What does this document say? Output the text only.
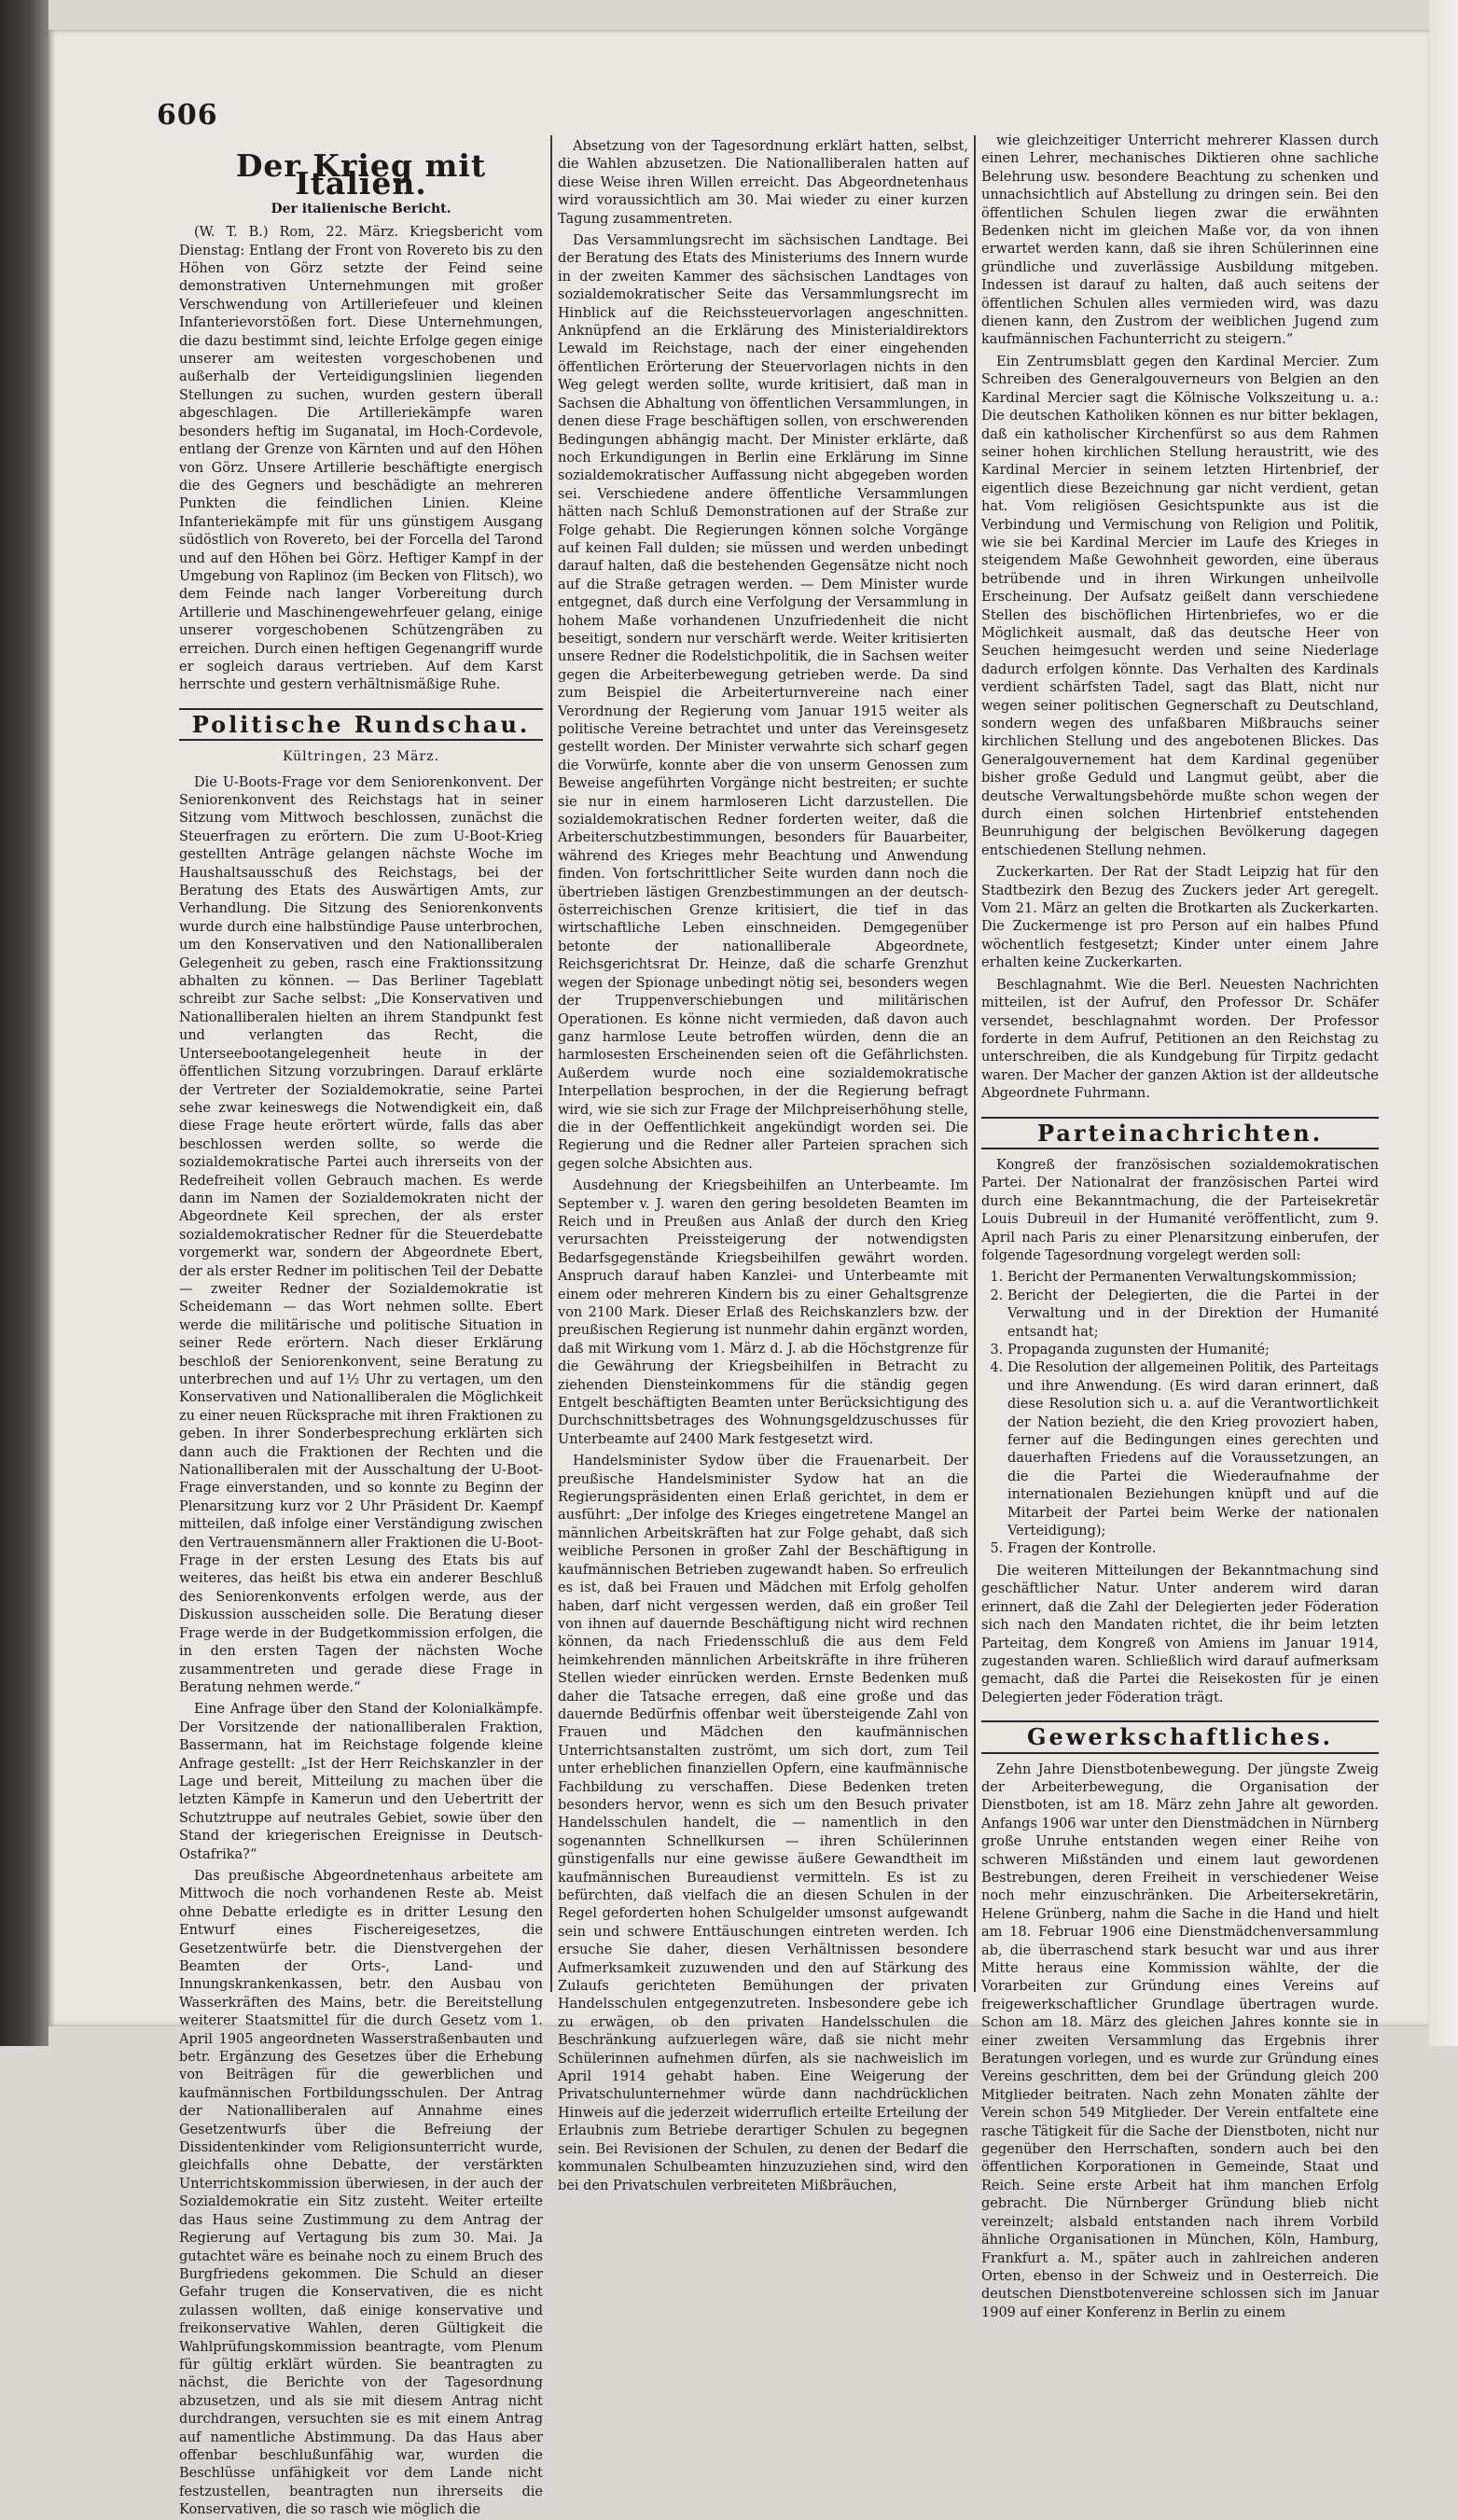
606
Der Krieg mit Italien.
Der italienische Bericht.

(W. T. B.) Rom, 22. März. Kriegsbericht vom Dienstag: Entlang der Front von Rovereto bis zu den Höhen von Görz setzte der Feind seine demonstrativen Unternehmungen mit großer Verschwendung von Artilleriefeuer und kleinen Infanterievorstößen fort. Diese Unternehmungen, die dazu bestimmt sind, leichte Erfolge gegen einige unserer am weitesten vorgeschobenen und außerhalb der Verteidigungslinien liegenden Stellungen zu suchen, wurden gestern überall abgeschlagen. Die Artilleriekämpfe waren besonders heftig im Suganatal, im Hoch-Cordevole, entlang der Grenze von Kärnten und auf den Höhen von Görz. Unsere Artillerie beschäftigte energisch die des Gegners und beschädigte an mehreren Punkten die feindlichen Linien. Kleine Infanteriekämpfe mit für uns günstigem Ausgang südöstlich von Rovereto, bei der Forcella del Tarond und auf den Höhen bei Görz. Heftiger Kampf in der Umgebung von Raplinoz (im Becken von Flitsch), wo dem Feinde nach langer Vorbereitung durch Artillerie und Maschinengewehrfeuer gelang, einige unserer vorgeschobenen Schützengräben zu erreichen. Durch einen heftigen Gegenangriff wurde er sogleich daraus vertrieben. Auf dem Karst herrschte und gestern verhältnismäßige Ruhe.

Politische Rundschau.
Kültringen, 23 März.

Die U-Boots-Frage vor dem Seniorenkonvent. Der Seniorenkonvent des Reichstags hat in seiner Sitzung vom Mittwoch beschlossen, zunächst die Steuerfragen zu erörtern. Die zum U-Boot-Krieg gestellten Anträge gelangen nächste Woche im Haushaltsausschuß des Reichstags, bei der Beratung des Etats des Auswärtigen Amts, zur Verhandlung. Die Sitzung des Seniorenkonvents wurde durch eine halbstündige Pause unterbrochen, um den Konservativen und den Nationalliberalen Gelegenheit zu geben, rasch eine Fraktionssitzung abhalten zu können. — Das Berliner Tageblatt schreibt zur Sache selbst: „Die Konservativen und Nationalliberalen hielten an ihrem Standpunkt fest und verlangten das Recht, die Unterseebootangelegenheit heute in der öffentlichen Sitzung vorzubringen. Darauf erklärte der Vertreter der Sozialdemokratie, seine Partei sehe zwar keineswegs die Notwendigkeit ein, daß diese Frage heute erörtert würde, falls das aber beschlossen werden sollte, so werde die sozialdemokratische Partei auch ihrerseits von der Redefreiheit vollen Gebrauch machen. Es werde dann im Namen der Sozialdemokraten nicht der Abgeordnete Keil sprechen, der als erster sozialdemokratischer Redner für die Steuerdebatte vorgemerkt war, sondern der Abgeordnete Ebert, der als erster Redner im politischen Teil der Debatte — zweiter Redner der Sozialdemokratie ist Scheidemann — das Wort nehmen sollte. Ebert werde die militärische und politische Situation in seiner Rede erörtern. Nach dieser Erklärung beschloß der Seniorenkonvent, seine Beratung zu unterbrechen und auf 1½ Uhr zu vertagen, um den Konservativen und Nationalliberalen die Möglichkeit zu einer neuen Rücksprache mit ihren Fraktionen zu geben. In ihrer Sonderbesprechung erklärten sich dann auch die Fraktionen der Rechten und die Nationalliberalen mit der Ausschaltung der U-Boot-Frage einverstanden, und so konnte zu Beginn der Plenarsitzung kurz vor 2 Uhr Präsident Dr. Kaempf mitteilen, daß infolge einer Verständigung zwischen den Vertrauensmännern aller Fraktionen die U-Boot-Frage in der ersten Lesung des Etats bis auf weiteres, das heißt bis etwa ein anderer Beschluß des Seniorenkonvents erfolgen werde, aus der Diskussion ausscheiden solle. Die Beratung dieser Frage werde in der Budgetkommission erfolgen, die in den ersten Tagen der nächsten Woche zusammentreten und gerade diese Frage in Beratung nehmen werde.“

Eine Anfrage über den Stand der Kolonialkämpfe. Der Vorsitzende der nationalliberalen Fraktion, Bassermann, hat im Reichstage folgende kleine Anfrage gestellt: „Ist der Herr Reichskanzler in der Lage und bereit, Mitteilung zu machen über die letzten Kämpfe in Kamerun und den Uebertritt der Schutztruppe auf neutrales Gebiet, sowie über den Stand der kriegerischen Ereignisse in Deutsch-Ostafrika?“

Das preußische Abgeordnetenhaus arbeitete am Mittwoch die noch vorhandenen Reste ab. Meist ohne Debatte erledigte es in dritter Lesung den Entwurf eines Fischereigesetzes, die Gesetzentwürfe betr. die Dienstvergehen der Beamten der Orts-, Land- und Innungskrankenkassen, betr. den Ausbau von Wasserkräften des Mains, betr. die Bereitstellung weiterer Staatsmittel für die durch Gesetz vom 1. April 1905 angeordneten Wasserstraßenbauten und betr. Ergänzung des Gesetzes über die Erhebung von Beiträgen für die gewerblichen und kaufmännischen Fortbildungsschulen. Der Antrag der Nationalliberalen auf Annahme eines Gesetzentwurfs über die Befreiung der Dissidentenkinder vom Religionsunterricht wurde, gleichfalls ohne Debatte, der verstärkten Unterrichtskommission überwiesen, in der auch der Sozialdemokratie ein Sitz zusteht. Weiter erteilte das Haus seine Zustimmung zu dem Antrag der Regierung auf Vertagung bis zum 30. Mai. Ja gutachtet wäre es beinahe noch zu einem Bruch des Burgfriedens gekommen. Die Schuld an dieser Gefahr trugen die Konservativen, die es nicht zulassen wollten, daß einige konservative und freikonservative Wahlen, deren Gültigkeit die Wahlprüfungskommission beantragte, vom Plenum für gültig erklärt würden. Sie beantragten zu nächst, die Berichte von der Tagesordnung abzusetzen, und als sie mit diesem Antrag nicht durchdrangen, versuchten sie es mit einem Antrag auf namentliche Abstimmung. Da das Haus aber offenbar beschlußunfähig war, wurden die Beschlüsse unfähigkeit vor dem Lande nicht festzustellen, beantragten nun ihrerseits die Konservativen, die so rasch wie möglich die

Absetzung von der Tagesordnung erklärt hatten, selbst, die Wahlen abzusetzen. Die Nationalliberalen hatten auf diese Weise ihren Willen erreicht. Das Abgeordnetenhaus wird voraussichtlich am 30. Mai wieder zu einer kurzen Tagung zusammentreten.

Das Versammlungsrecht im sächsischen Landtage. Bei der Beratung des Etats des Ministeriums des Innern wurde in der zweiten Kammer des sächsischen Landtages von sozialdemokratischer Seite das Versammlungsrecht im Hinblick auf die Reichssteuervorlagen angeschnitten. Anknüpfend an die Erklärung des Ministerialdirektors Lewald im Reichstage, nach der einer eingehenden öffentlichen Erörterung der Steuervorlagen nichts in den Weg gelegt werden sollte, wurde kritisiert, daß man in Sachsen die Abhaltung von öffentlichen Versammlungen, in denen diese Frage beschäftigen sollen, von erschwerenden Bedingungen abhängig macht. Der Minister erklärte, daß noch Erkundigungen in Berlin eine Erklärung im Sinne sozialdemokratischer Auffassung nicht abgegeben worden sei. Verschiedene andere öffentliche Versammlungen hätten nach Schluß Demonstrationen auf der Straße zur Folge gehabt. Die Regierungen können solche Vorgänge auf keinen Fall dulden; sie müssen und werden unbedingt darauf halten, daß die bestehenden Gegensätze nicht noch auf die Straße getragen werden. — Dem Minister wurde entgegnet, daß durch eine Verfolgung der Versammlung in hohem Maße vorhandenen Unzufriedenheit die nicht beseitigt, sondern nur verschärft werde. Weiter kritisierten unsere Redner die Rodelstichpolitik, die in Sachsen weiter gegen die Arbeiterbewegung getrieben werde. Da sind zum Beispiel die Arbeiterturnvereine nach einer Verordnung der Regierung vom Januar 1915 weiter als politische Vereine betrachtet und unter das Vereinsgesetz gestellt worden. Der Minister verwahrte sich scharf gegen die Vorwürfe, konnte aber die von unserm Genossen zum Beweise angeführten Vorgänge nicht bestreiten; er suchte sie nur in einem harmloseren Licht darzustellen. Die sozialdemokratischen Redner forderten weiter, daß die Arbeiterschutzbestimmungen, besonders für Bauarbeiter, während des Krieges mehr Beachtung und Anwendung finden. Von fortschrittlicher Seite wurden dann noch die übertrieben lästigen Grenzbestimmungen an der deutsch-österreichischen Grenze kritisiert, die tief in das wirtschaftliche Leben einschneiden. Demgegenüber betonte der nationalliberale Abgeordnete, Reichsgerichtsrat Dr. Heinze, daß die scharfe Grenzhut wegen der Spionage unbedingt nötig sei, besonders wegen der Truppenverschiebungen und militärischen Operationen. Es könne nicht vermieden, daß davon auch ganz harmlose Leute betroffen würden, denn die an harmlosesten Erscheinenden seien oft die Gefährlichsten. Außerdem wurde noch eine sozialdemokratische Interpellation besprochen, in der die Regierung befragt wird, wie sie sich zur Frage der Milchpreiserhöhung stelle, die in der Oeffentlichkeit angekündigt worden sei. Die Regierung und die Redner aller Parteien sprachen sich gegen solche Absichten aus.

Ausdehnung der Kriegsbeihilfen an Unterbeamte. Im September v. J. waren den gering besoldeten Beamten im Reich und in Preußen aus Anlaß der durch den Krieg verursachten Preissteigerung der notwendigsten Bedarfsgegenstände Kriegsbeihilfen gewährt worden. Anspruch darauf haben Kanzlei- und Unterbeamte mit einem oder mehreren Kindern bis zu einer Gehaltsgrenze von 2100 Mark. Dieser Erlaß des Reichskanzlers bzw. der preußischen Regierung ist nunmehr dahin ergänzt worden, daß mit Wirkung vom 1. März d. J. ab die Höchstgrenze für die Gewährung der Kriegsbeihilfen in Betracht zu ziehenden Diensteinkommens für die ständig gegen Entgelt beschäftigten Beamten unter Berücksichtigung des Durchschnittsbetrages des Wohnungsgeldzuschusses für Unterbeamte auf 2400 Mark festgesetzt wird.

Handelsminister Sydow über die Frauenarbeit. Der preußische Handelsminister Sydow hat an die Regierungspräsidenten einen Erlaß gerichtet, in dem er ausführt: „Der infolge des Krieges eingetretene Mangel an männlichen Arbeitskräften hat zur Folge gehabt, daß sich weibliche Personen in großer Zahl der Beschäftigung in kaufmännischen Betrieben zugewandt haben. So erfreulich es ist, daß bei Frauen und Mädchen mit Erfolg geholfen haben, darf nicht vergessen werden, daß ein großer Teil von ihnen auf dauernde Beschäftigung nicht wird rechnen können, da nach Friedensschluß die aus dem Feld heimkehrenden männlichen Arbeitskräfte in ihre früheren Stellen wieder einrücken werden. Ernste Bedenken muß daher die Tatsache erregen, daß eine große und das dauernde Bedürfnis offenbar weit übersteigende Zahl von Frauen und Mädchen den kaufmännischen Unterrichtsanstalten zuströmt, um sich dort, zum Teil unter erheblichen finanziellen Opfern, eine kaufmännische Fachbildung zu verschaffen. Diese Bedenken treten besonders hervor, wenn es sich um den Besuch privater Handelsschulen handelt, die — namentlich in den sogenannten Schnellkursen — ihren Schülerinnen günstigenfalls nur eine gewisse äußere Gewandtheit im kaufmännischen Bureaudienst vermitteln. Es ist zu befürchten, daß vielfach die an diesen Schulen in der Regel geforderten hohen Schulgelder umsonst aufgewandt sein und schwere Enttäuschungen eintreten werden. Ich ersuche Sie daher, diesen Verhältnissen besondere Aufmerksamkeit zuzuwenden und den auf Stärkung des Zulaufs gerichteten Bemühungen der privaten Handelsschulen entgegenzutreten. Insbesondere gebe ich zu erwägen, ob den privaten Handelsschulen die Beschränkung aufzuerlegen wäre, daß sie nicht mehr Schülerinnen aufnehmen dürfen, als sie nachweislich im April 1914 gehabt haben. Eine Weigerung der Privatschulunternehmer würde dann nachdrücklichen Hinweis auf die jederzeit widerruflich erteilte Erteilung der Erlaubnis zum Betriebe derartiger Schulen zu begegnen sein. Bei Revisionen der Schulen, zu denen der Bedarf die kommunalen Schulbeamten hinzuzuziehen sind, wird den bei den Privatschulen verbreiteten Mißbräuchen,

wie gleichzeitiger Unterricht mehrerer Klassen durch einen Lehrer, mechanisches Diktieren ohne sachliche Belehrung usw. besondere Beachtung zu schenken und unnachsichtlich auf Abstellung zu dringen sein. Bei den öffentlichen Schulen liegen zwar die erwähnten Bedenken nicht im gleichen Maße vor, da von ihnen erwartet werden kann, daß sie ihren Schülerinnen eine gründliche und zuverlässige Ausbildung mitgeben. Indessen ist darauf zu halten, daß auch seitens der öffentlichen Schulen alles vermieden wird, was dazu dienen kann, den Zustrom der weiblichen Jugend zum kaufmännischen Fachunterricht zu steigern.“

Ein Zentrumsblatt gegen den Kardinal Mercier. Zum Schreiben des Generalgouverneurs von Belgien an den Kardinal Mercier sagt die Kölnische Volkszeitung u. a.: Die deutschen Katholiken können es nur bitter beklagen, daß ein katholischer Kirchenfürst so aus dem Rahmen seiner hohen kirchlichen Stellung heraustritt, wie des Kardinal Mercier in seinem letzten Hirtenbrief, der eigentlich diese Bezeichnung gar nicht verdient, getan hat. Vom religiösen Gesichtspunkte aus ist die Verbindung und Vermischung von Religion und Politik, wie sie bei Kardinal Mercier im Laufe des Krieges in steigendem Maße Gewohnheit geworden, eine überaus betrübende und in ihren Wirkungen unheilvolle Erscheinung. Der Aufsatz geißelt dann verschiedene Stellen des bischöflichen Hirtenbriefes, wo er die Möglichkeit ausmalt, daß das deutsche Heer von Seuchen heimgesucht werden und seine Niederlage dadurch erfolgen könnte. Das Verhalten des Kardinals verdient schärfsten Tadel, sagt das Blatt, nicht nur wegen seiner politischen Gegnerschaft zu Deutschland, sondern wegen des unfaßbaren Mißbrauchs seiner kirchlichen Stellung und des angebotenen Blickes. Das Generalgouvernement hat dem Kardinal gegenüber bisher große Geduld und Langmut geübt, aber die deutsche Verwaltungsbehörde mußte schon wegen der durch einen solchen Hirtenbrief entstehenden Beunruhigung der belgischen Bevölkerung dagegen entschiedenen Stellung nehmen.

Zuckerkarten. Der Rat der Stadt Leipzig hat für den Stadtbezirk den Bezug des Zuckers jeder Art geregelt. Vom 21. März an gelten die Brotkarten als Zuckerkarten. Die Zuckermenge ist pro Person auf ein halbes Pfund wöchentlich festgesetzt; Kinder unter einem Jahre erhalten keine Zuckerkarten.

Beschlagnahmt. Wie die Berl. Neuesten Nachrichten mitteilen, ist der Aufruf, den Professor Dr. Schäfer versendet, beschlagnahmt worden. Der Professor forderte in dem Aufruf, Petitionen an den Reichstag zu unterschreiben, die als Kundgebung für Tirpitz gedacht waren. Der Macher der ganzen Aktion ist der alldeutsche Abgeordnete Fuhrmann.

Parteinachrichten.

Kongreß der französischen sozialdemokratischen Partei. Der Nationalrat der französischen Partei wird durch eine Bekanntmachung, die der Parteisekretär Louis Dubreuil in der Humanité veröffentlicht, zum 9. April nach Paris zu einer Plenarsitzung einberufen, der folgende Tagesordnung vorgelegt werden soll:

1. Bericht der Permanenten Verwaltungskommission;
2. Bericht der Delegierten, die die Partei in der Verwaltung und in der Direktion der Humanité entsandt hat;
3. Propaganda zugunsten der Humanité;
4. Die Resolution der allgemeinen Politik, des Parteitags und ihre Anwendung. (Es wird daran erinnert, daß diese Resolution sich u. a. auf die Verantwortlichkeit der Nation bezieht, die den Krieg provoziert haben, ferner auf die Bedingungen eines gerechten und dauerhaften Friedens auf die Voraussetzungen, an die die Partei die Wiederaufnahme der internationalen Beziehungen knüpft und auf die Mitarbeit der Partei beim Werke der nationalen Verteidigung);
5. Fragen der Kontrolle.

Die weiteren Mitteilungen der Bekanntmachung sind geschäftlicher Natur. Unter anderem wird daran erinnert, daß die Zahl der Delegierten jeder Föderation sich nach den Mandaten richtet, die ihr beim letzten Parteitag, dem Kongreß von Amiens im Januar 1914, zugestanden waren. Schließlich wird darauf aufmerksam gemacht, daß die Partei die Reisekosten für je einen Delegierten jeder Föderation trägt.

Gewerkschaftliches.

Zehn Jahre Dienstbotenbewegung. Der jüngste Zweig der Arbeiterbewegung, die Organisation der Dienstboten, ist am 18. März zehn Jahre alt geworden. Anfangs 1906 war unter den Dienstmädchen in Nürnberg große Unruhe entstanden wegen einer Reihe von schweren Mißständen und einem laut gewordenen Bestrebungen, deren Freiheit in verschiedener Weise noch mehr einzuschränken. Die Arbeitersekretärin, Helene Grünberg, nahm die Sache in die Hand und hielt am 18. Februar 1906 eine Dienstmädchenversammlung ab, die überraschend stark besucht war und aus ihrer Mitte heraus eine Kommission wählte, der die Vorarbeiten zur Gründung eines Vereins auf freigewerkschaftlicher Grundlage übertragen wurde. Schon am 18. März des gleichen Jahres konnte sie in einer zweiten Versammlung das Ergebnis ihrer Beratungen vorlegen, und es wurde zur Gründung eines Vereins geschritten, dem bei der Gründung gleich 200 Mitglieder beitraten. Nach zehn Monaten zählte der Verein schon 549 Mitglieder. Der Verein entfaltete eine rasche Tätigkeit für die Sache der Dienstboten, nicht nur gegenüber den Herrschaften, sondern auch bei den öffentlichen Korporationen in Gemeinde, Staat und Reich. Seine erste Arbeit hat ihm manchen Erfolg gebracht. Die Nürnberger Gründung blieb nicht vereinzelt; alsbald entstanden nach ihrem Vorbild ähnliche Organisationen in München, Köln, Hamburg, Frankfurt a. M., später auch in zahlreichen anderen Orten, ebenso in der Schweiz und in Oesterreich. Die deutschen Dienstbotenvereine schlossen sich im Januar 1909 auf einer Konferenz in Berlin zu einem
